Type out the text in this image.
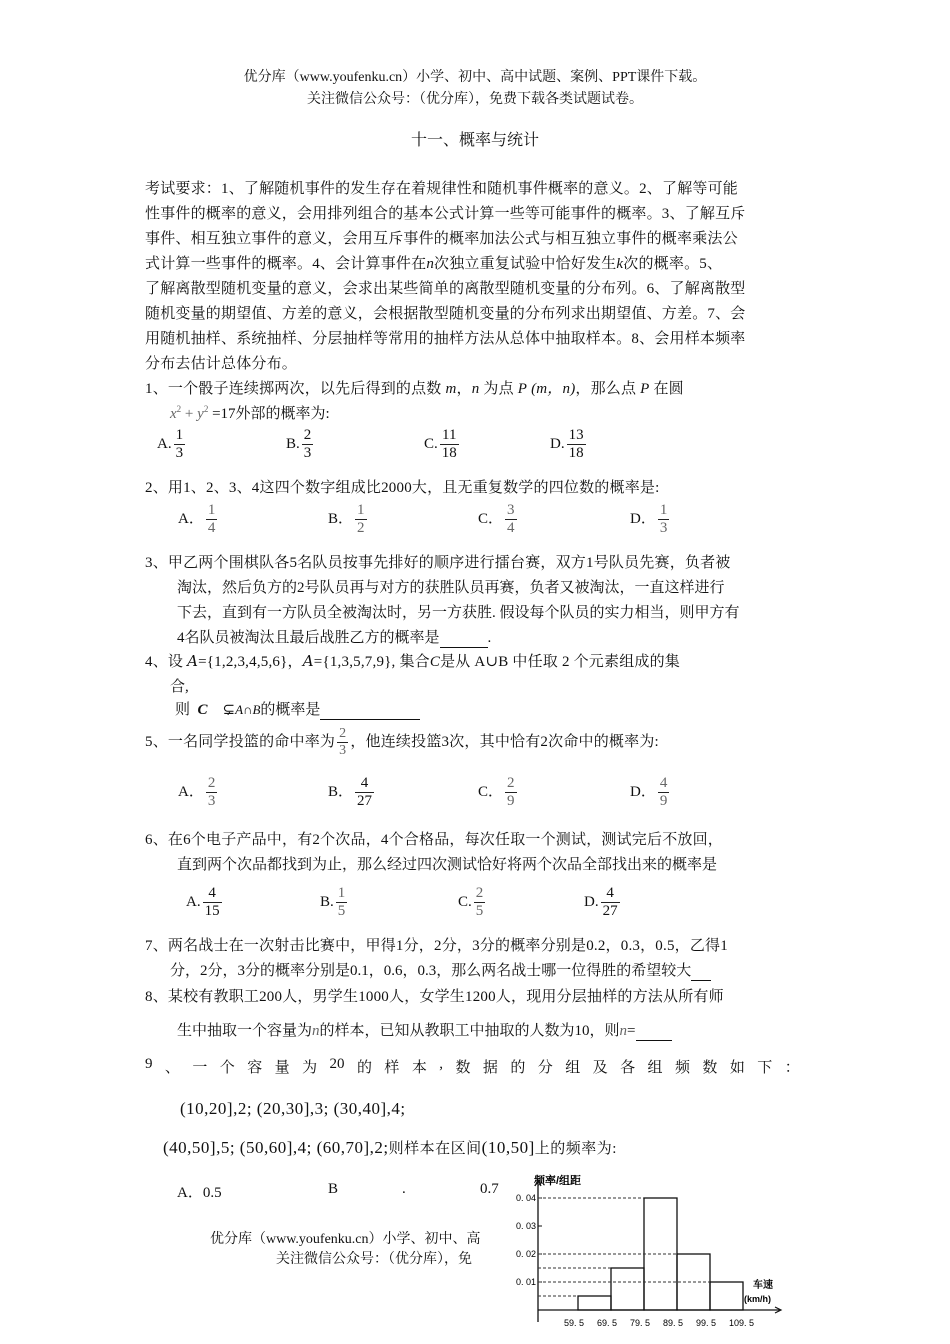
优分库（www.youfenku.cn）小学、初中、高中试题、案例、PPT课件下载。
关注微信公众号：（优分库），免费下载各类试题试卷。
十一、概率与统计
考试要求：1、了解随机事件的发生存在着规律性和随机事件概率的意义。2、了解等可能
性事件的概率的意义，会用排列组合的基本公式计算一些等可能事件的概率。3、了解互斥
事件、相互独立事件的意义，会用互斥事件的概率加法公式与相互独立事件的概率乘法公
式计算一些事件的概率。4、会计算事件在n次独立重复试验中恰好发生k次的概率。5、
了解离散型随机变量的意义，会求出某些简单的离散型随机变量的分布列。6、了解离散型
随机变量的期望值、方差的意义，会根据散型随机变量的分布列求出期望值、方差。7、会
用随机抽样、系统抽样、分层抽样等常用的抽样方法从总体中抽取样本。8、会用样本频率
分布去估计总体分布。
1、一个骰子连续掷两次，以先后得到的点数 m，n 为点 P (m，n)，那么点 P 在圆
$x^2 + y^2 =17$外部的概率为:
A. $\frac{1}{3}$	B. $\frac{2}{3}$	C. $\frac{11}{18}$	D. $\frac{13}{18}$
2、用1、2、3、4这四个数字组成比2000大，且无重复数学的四位数的概率是:
A． $\frac{1}{4}$	B． $\frac{1}{2}$	C． $\frac{3}{4}$	D． $\frac{1}{3}$
3、甲乙两个围棋队各5名队员按事先排好的顺序进行擂台赛，双方1号队员先赛，负者被
淘汰，然后负方的2号队员再与对方的获胜队员再赛，负者又被淘汰，一直这样进行
下去，直到有一方队员全被淘汰时，另一方获胜. 假设每个队员的实力相当，则甲方有
4名队员被淘汰且最后战胜乙方的概率是	.
4、设 A={1,2,3,4,5,6}，A={1,3,5,7,9}, 集合C是从 A∪B 中任取 2 个元素组成的集
合,
则 C ⊊A∩B的概率是
5、一名同学投篮的命中率为 $\frac{2}{3}$ ，他连续投篮3次，其中恰有2次命中的概率为:
A． $\frac{2}{3}$	B． $\frac{4}{27}$	C． $\frac{2}{9}$	D． $\frac{4}{9}$
6、在6个电子产品中，有2个次品，4个合格品，每次任取一个测试，测试完后不放回，
直到两个次品都找到为止，那么经过四次测试恰好将两个次品全部找出来的概率是
A. $\frac{4}{15}$	B. $\frac{1}{5}$	C. $\frac{2}{5}$	D. $\frac{4}{27}$
7、两名战士在一次射击比赛中，甲得1分，2分，3分的概率分别是0.2，0.3，0.5，乙得1
分，2分，3分的概率分别是0.1，0.6，0.3，那么两名战士哪一位得胜的希望较大
8、某校有教职工200人，男学生1000人，女学生1200人，现用分层抽样的方法从所有师
生中抽取一个容量为n的样本，已知从教职工中抽取的人数为10，则n=
9 、 一 个 容 量 为 20 的 样 本 , 数 据 的 分 组 及 各 组 频 数 如 下 ：
(10,20],2; (20,30],3; (30,40],4;
(40,50],5; (50,60],4; (60,70],2;则样本在区间(10,50]上的频率为:
A．0.5	B	.	0.7
优分库（www.youfenku.cn）小学、初中、高
关注微信公众号：（优分库），免
频率/组距
车速
(km/h)
0. 01
0. 02
0. 03
0. 04
59. 5 69. 5 79. 5 89. 5 99. 5 109. 5
